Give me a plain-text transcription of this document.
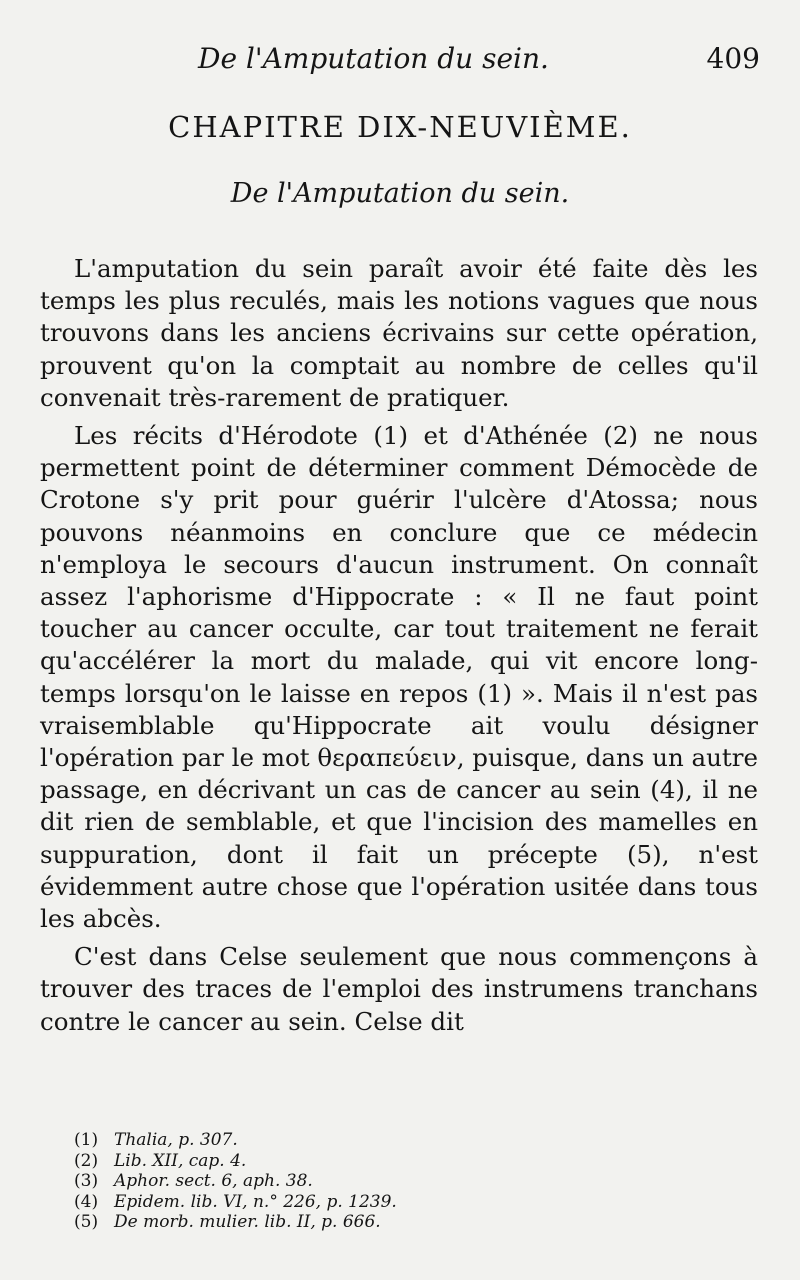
De l'Amputation du sein.	409
CHAPITRE DIX-NEUVIÈME.
De l'Amputation du sein.

L'amputation du sein paraît avoir été faite dès les temps les plus reculés, mais les notions vagues que nous trouvons dans les anciens écrivains sur cette opération, prouvent qu'on la comptait au nombre de celles qu'il convenait très-rarement de pratiquer.

Les récits d'Hérodote (1) et d'Athénée (2) ne nous permettent point de déterminer comment Démocède de Crotone s'y prit pour guérir l'ulcère d'Atossa; nous pouvons néanmoins en conclure que ce médecin n'employa le secours d'aucun instrument. On connaît assez l'aphorisme d'Hippocrate : « Il ne faut point toucher au cancer occulte, car tout traitement ne ferait qu'accélérer la mort du malade, qui vit encore long-temps lorsqu'on le laisse en repos (1) ». Mais il n'est pas vraisemblable qu'Hippocrate ait voulu désigner l'opération par le mot θεραπεύειν, puisque, dans un autre passage, en décrivant un cas de cancer au sein (4), il ne dit rien de semblable, et que l'incision des mamelles en suppuration, dont il fait un précepte (5), n'est évidemment autre chose que l'opération usitée dans tous les abcès.

C'est dans Celse seulement que nous commençons à trouver des traces de l'emploi des instrumens tranchans contre le cancer au sein. Celse dit

(1) Thalia, p. 307.
(2) Lib. XII, cap. 4.
(3) Aphor. sect. 6, aph. 38.
(4) Epidem. lib. VI, n.° 226, p. 1239.
(5) De morb. mulier. lib. II, p. 666.
